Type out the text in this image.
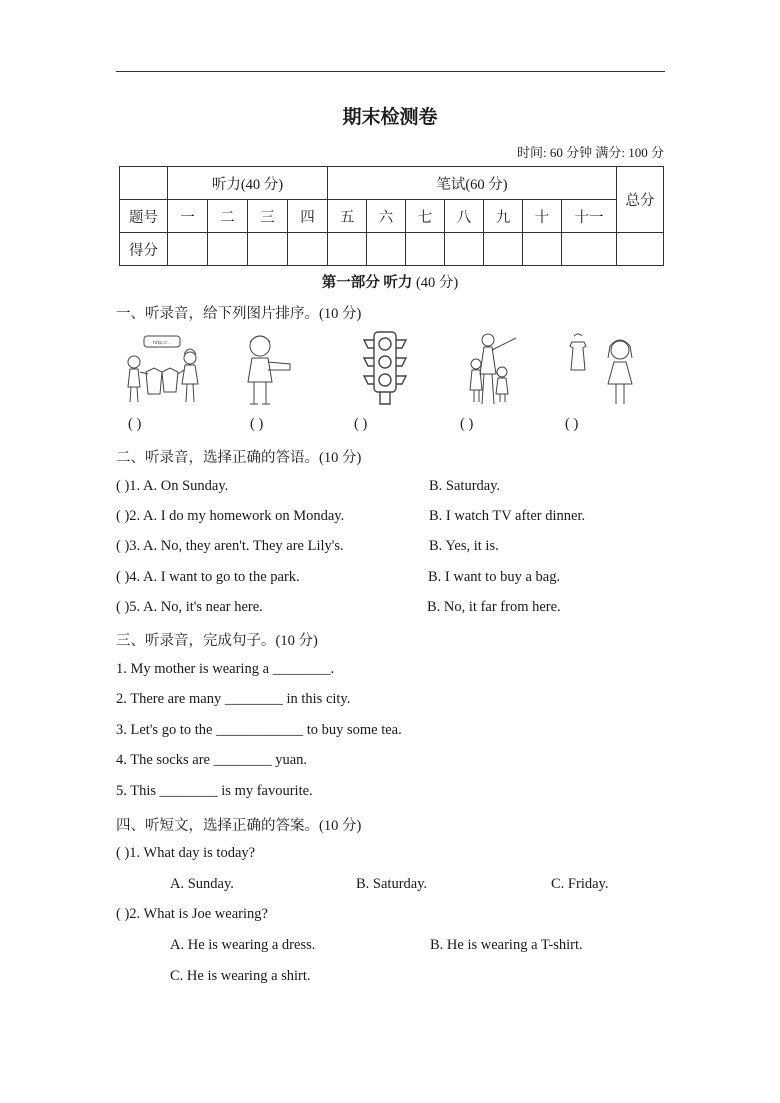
期末检测卷
时间: 60 分钟 满分: 100 分
	听力(40 分)				笔试(60 分)							总分
题号	一	二	三	四	五	六	七	八	九	十	十一	
得分												
第一部分 听力 (40 分)
一、听录音，给下列图片排序。(10 分)
http://...
( )	( )	( )	( )	( )
二、听录音，选择正确的答语。(10 分)
( )1. A. On Sunday.	B. Saturday.
( )2. A. I do my homework on Monday.	B. I watch TV after dinner.
( )3. A. No, they aren't. They are Lily's.	B. Yes, it is.
( )4. A. I want to go to the park.	B. I want to buy a bag.
( )5. A. No, it's near here.	B. No, it far from here.
三、听录音，完成句子。(10 分)
1. My mother is wearing a ________.
2. There are many ________ in this city.
3. Let's go to the ____________ to buy some tea.
4. The socks are ________ yuan.
5. This ________ is my favourite.
四、听短文，选择正确的答案。(10 分)
( )1. What day is today?
A. Sunday.	B. Saturday.	C. Friday.
( )2. What is Joe wearing?
A. He is wearing a dress.	B. He is wearing a T-shirt.
C. He is wearing a shirt.
